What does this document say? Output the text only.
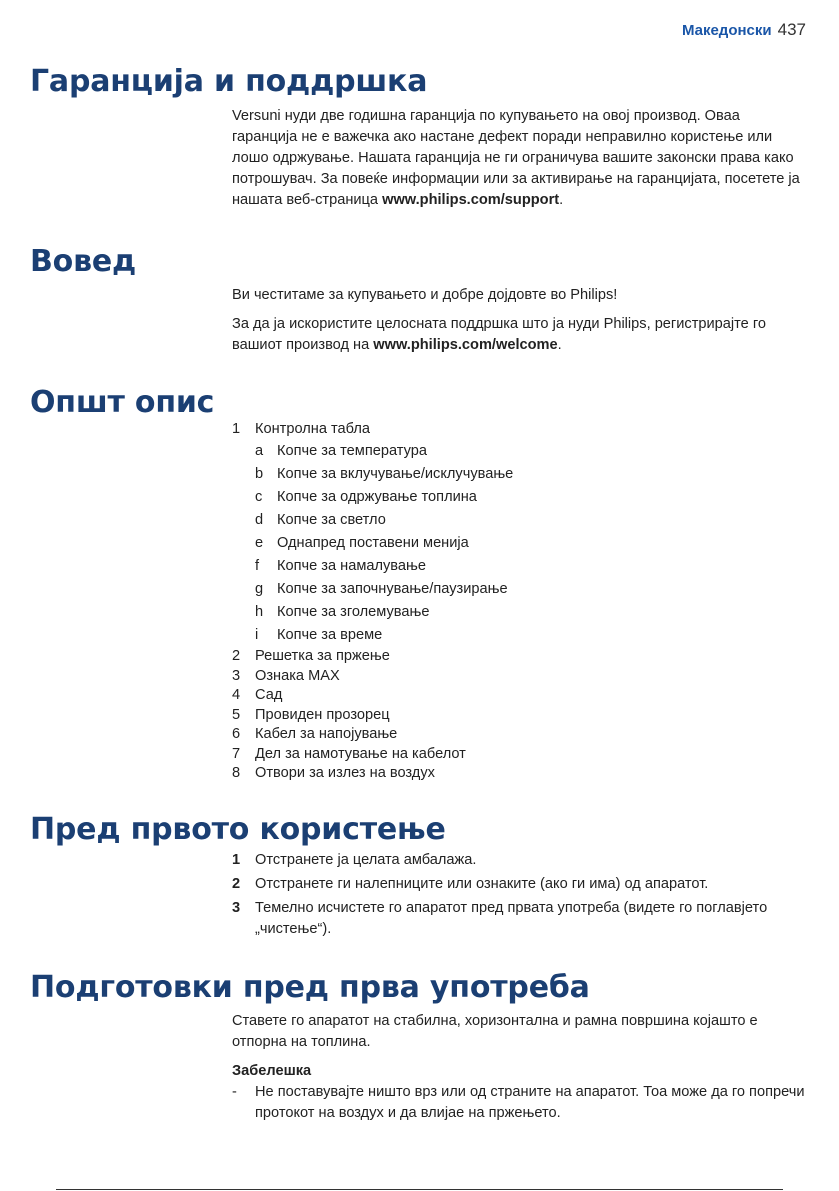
Македонски 437
Гаранција и поддршка

Versuni нуди две годишна гаранција по купувањето на овој производ. Оваа гаранција не е важечка ако настане дефект поради неправилно користење или лошо одржување. Нашата гаранција не ги ограничува вашите законски права како потрошувач. За повеќе информации или за активирање на гаранцијата, посетете ја нашата веб-страница www.philips.com/support.

Вовед

Ви честитаме за купувањето и добре дојдовте во Philips!

За да ја искористите целосната поддршка што ја нуди Philips, регистрирајте го вашиот производ на www.philips.com/welcome.

Општ опис
1	Контролна табла
a Копче за температура
b Копче за вклучување/исклучување
c	Копче за одржување топлина
d Копче за светло
e Однапред поставени менија
f	Копче за намалување
g Копче за започнување/паузирање
h Копче за зголемување
i	Копче за време
2	Решетка за пржење
3	Ознака MAX
4	Сад
5	Провиден прозорец
6	Кабел за напојување
7	Дел за намотување на кабелот
8	Отвори за излез на воздух
Пред првото користење
1	Отстранете ја целата амбалажа.
2	Отстранете ги налепниците или ознаките (ако ги има) од апаратот.
3	Темелно исчистете го апаратот пред првата употреба (видете го поглавјето „чистење“).
Подготовки пред прва употреба

Ставете го апаратот на стабилна, хоризонтална и рамна површина којашто е отпорна на топлина.

Забелешка

-	Не поставувајте ништо врз или од страните на апаратот. Тоа може да го попречи протокот на воздух и да влијае на пржењето.
